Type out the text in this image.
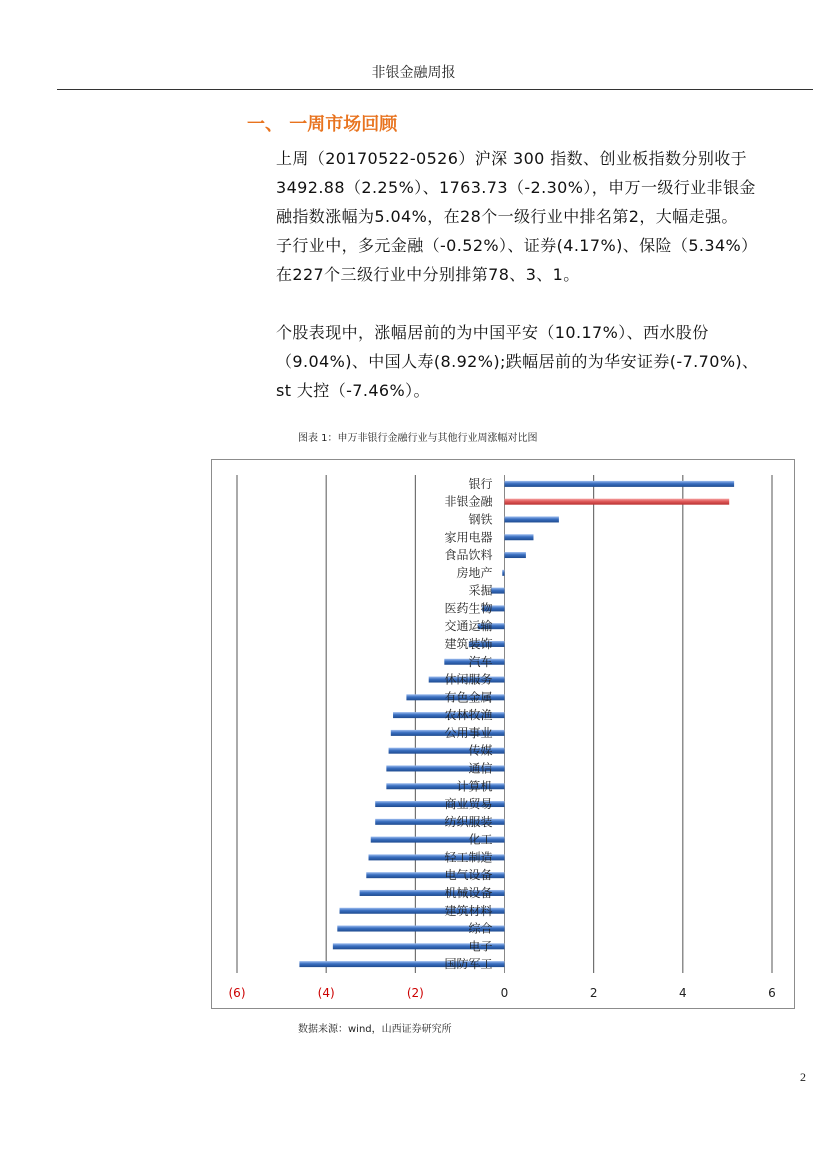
非银金融周报
一、 一周市场回顾
上周（20170522-0526）沪深 300 指数、创业板指数分别收于
3492.88（2.25%）、1763.73（-2.30%），申万一级行业非银金
融指数涨幅为5.04%，在28个一级行业中排名第2，大幅走强。
子行业中，多元金融（-0.52%）、证券(4.17%)、保险（5.34%）
在227个三级行业中分别排第78、3、1。
个股表现中，涨幅居前的为中国平安（10.17%）、西水股份
（9.04%)、中国人寿(8.92%);跌幅居前的为华安证券(-7.70%)、
st 大控（-7.46%）。
图表 1：申万非银行金融行业与其他行业周涨幅对比图
银行
非银金融
钢铁
家用电器
食品饮料
房地产
采掘
医药生物
交通运输
建筑装饰
汽车
休闲服务
有色金属
农林牧渔
公用事业
传媒
通信
计算机
商业贸易
纺织服装
化工
轻工制造
电气设备
机械设备
建筑材料
综合
电子
国防军工
(6)	(4)	(2)	0	2	4	6
数据来源：wind，山西证券研究所
2
